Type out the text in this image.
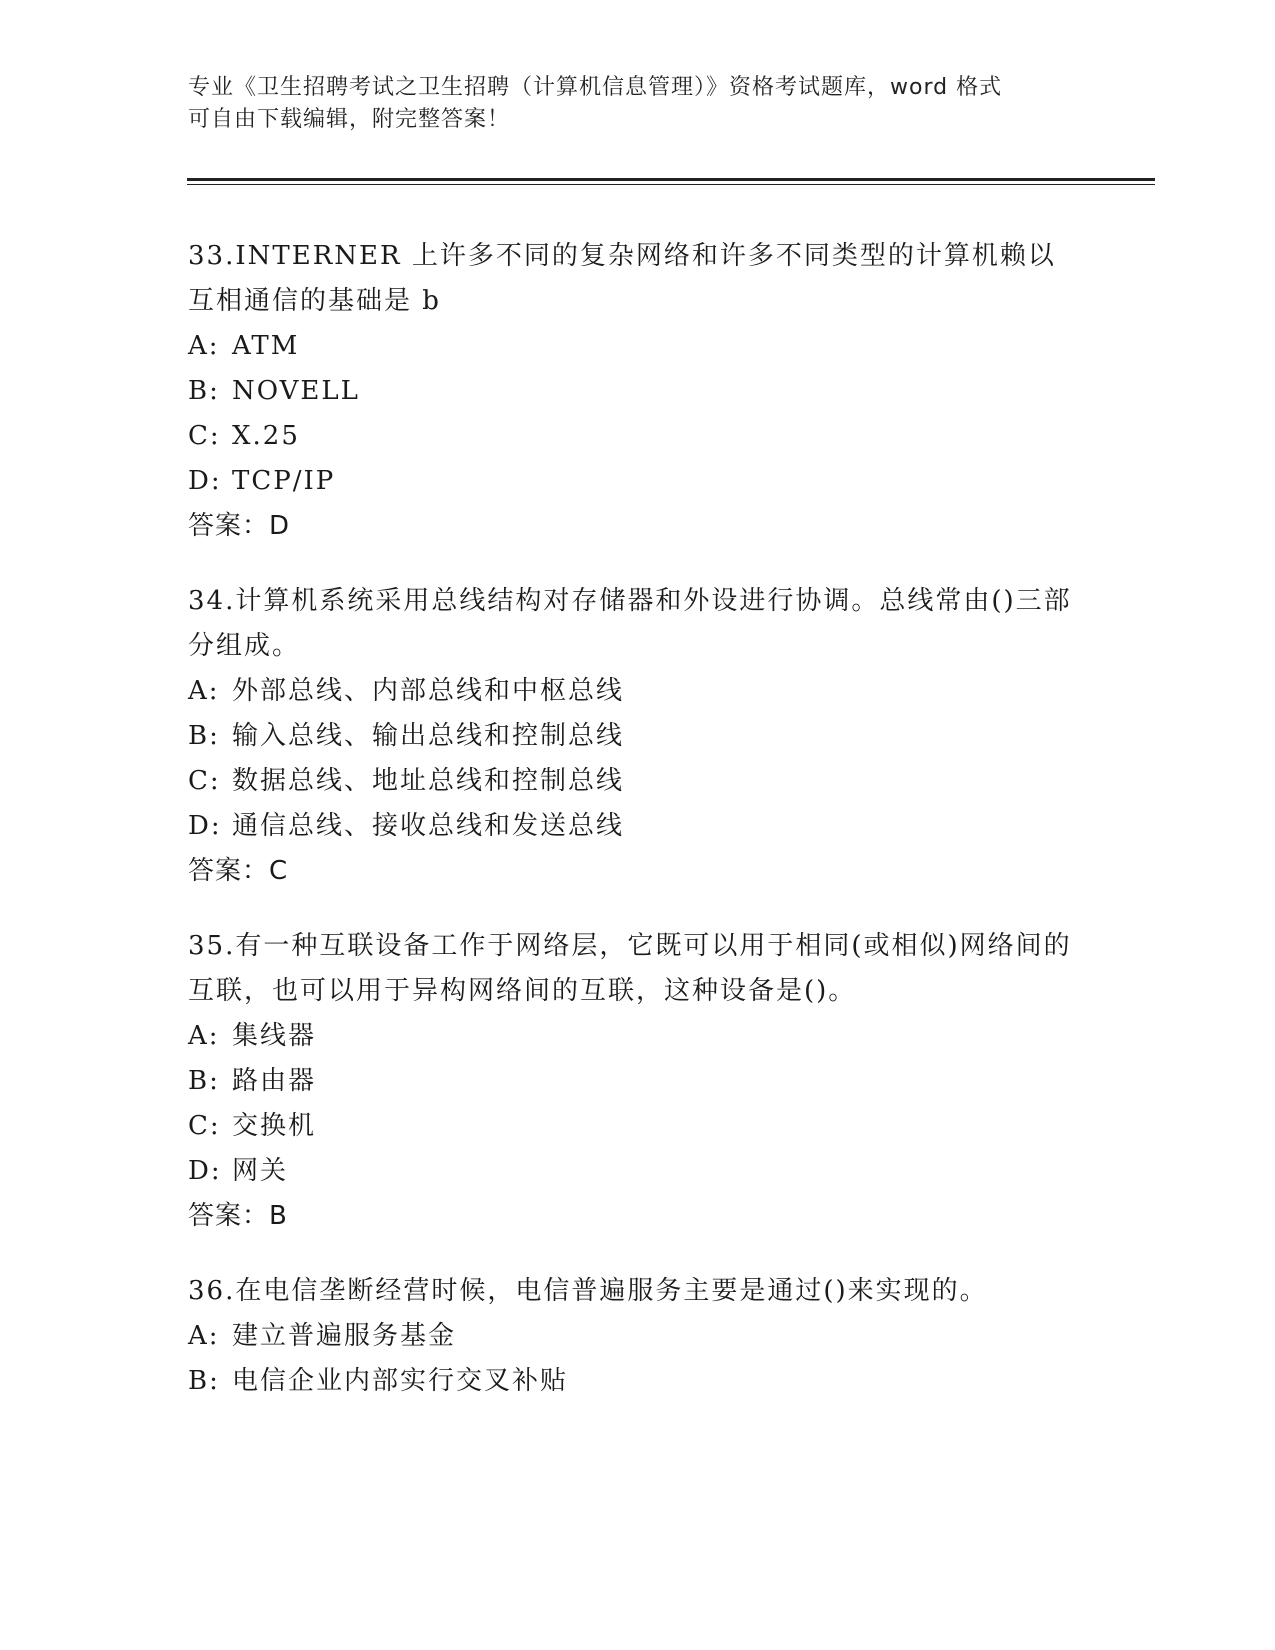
专业《卫生招聘考试之卫生招聘（计算机信息管理）》资格考试题库，word 格式
可自由下载编辑，附完整答案！
33.INTERNER 上许多不同的复杂网络和许多不同类型的计算机赖以互相通信的基础是 b
A: ATM
B: NOVELL
C: X.25
D: TCP/IP
答案：D
34.计算机系统采用总线结构对存储器和外设进行协调。总线常由()三部分组成。
A: 外部总线、内部总线和中枢总线
B: 输入总线、输出总线和控制总线
C: 数据总线、地址总线和控制总线
D: 通信总线、接收总线和发送总线
答案：C
35.有一种互联设备工作于网络层，它既可以用于相同(或相似)网络间的互联，也可以用于异构网络间的互联，这种设备是()。
A: 集线器
B: 路由器
C: 交换机
D: 网关
答案：B
36.在电信垄断经营时候，电信普遍服务主要是通过()来实现的。
A: 建立普遍服务基金
B: 电信企业内部实行交叉补贴
